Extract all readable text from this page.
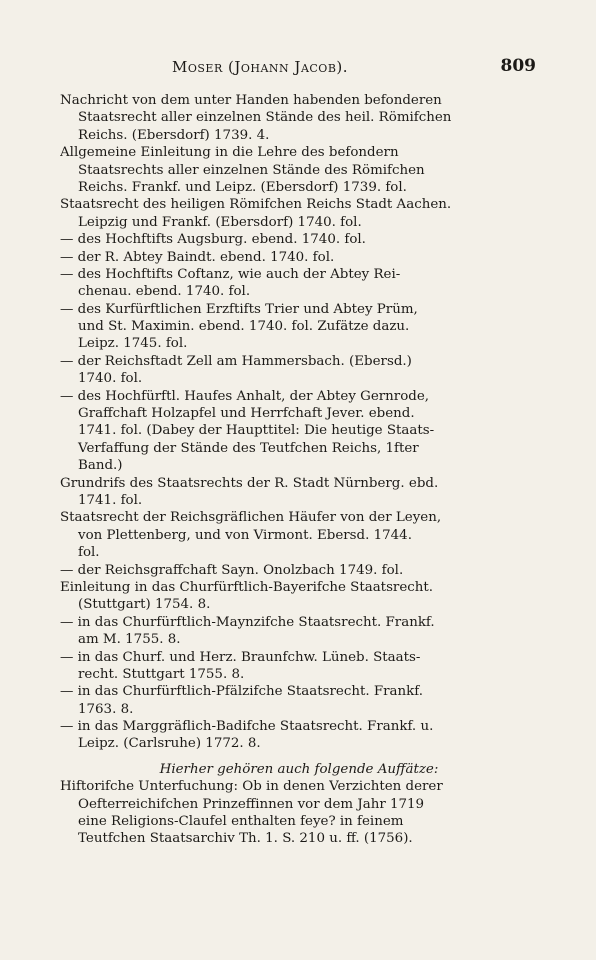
Moser (Johann Jacob).	809
Nachricht von dem unter Handen habenden befonderen
Staatsrecht aller einzelnen Stände des heil. Römifchen
Reichs. (Ebersdorf) 1739. 4.
Allgemeine Einleitung in die Lehre des befondern
Staatsrechts aller einzelnen Stände des Römifchen
Reichs. Frankf. und Leipz. (Ebersdorf) 1739. fol.
Staatsrecht des heiligen Römifchen Reichs Stadt Aachen.
Leipzig und Frankf. (Ebersdorf) 1740. fol.
— des Hochftifts Augsburg. ebend. 1740. fol.
— der R. Abtey Baindt. ebend. 1740. fol.
— des Hochftifts Coftanz, wie auch der Abtey Rei-
chenau. ebend. 1740. fol.
— des Kurfürftlichen Erzftifts Trier und Abtey Prüm,
und St. Maximin. ebend. 1740. fol. Zufätze dazu.
Leipz. 1745. fol.
— der Reichsftadt Zell am Hammersbach. (Ebersd.)
1740. fol.
— des Hochfürftl. Haufes Anhalt, der Abtey Gernrode,
Graffchaft Holzapfel und Herrfchaft Jever. ebend.
1741. fol. (Dabey der Haupttitel: Die heutige Staats-
Verfaffung der Stände des Teutfchen Reichs, 1fter
Band.)
Grundrifs des Staatsrechts der R. Stadt Nürnberg. ebd.
1741. fol.
Staatsrecht der Reichsgräflichen Häufer von der Leyen,
von Plettenberg, und von Virmont. Ebersd. 1744.
fol.
— der Reichsgraffchaft Sayn. Onolzbach 1749. fol.
Einleitung in das Churfürftlich-Bayerifche Staatsrecht.
(Stuttgart) 1754. 8.
— in das Churfürftlich-Maynzifche Staatsrecht. Frankf.
am M. 1755. 8.
— in das Churf. und Herz. Braunfchw. Lüneb. Staats-
recht. Stuttgart 1755. 8.
— in das Churfürftlich-Pfälzifche Staatsrecht. Frankf.
1763. 8.
— in das Marggräflich-Badifche Staatsrecht. Frankf. u.
Leipz. (Carlsruhe) 1772. 8.
Hierher gehören auch folgende Auffätze:
Hiftorifche Unterfuchung: Ob in denen Verzichten derer
Oefterreichifchen Prinzeffinnen vor dem Jahr 1719
eine Religions-Claufel enthalten feye? in feinem
Teutfchen Staatsarchiv Th. 1. S. 210 u. ff. (1756).
